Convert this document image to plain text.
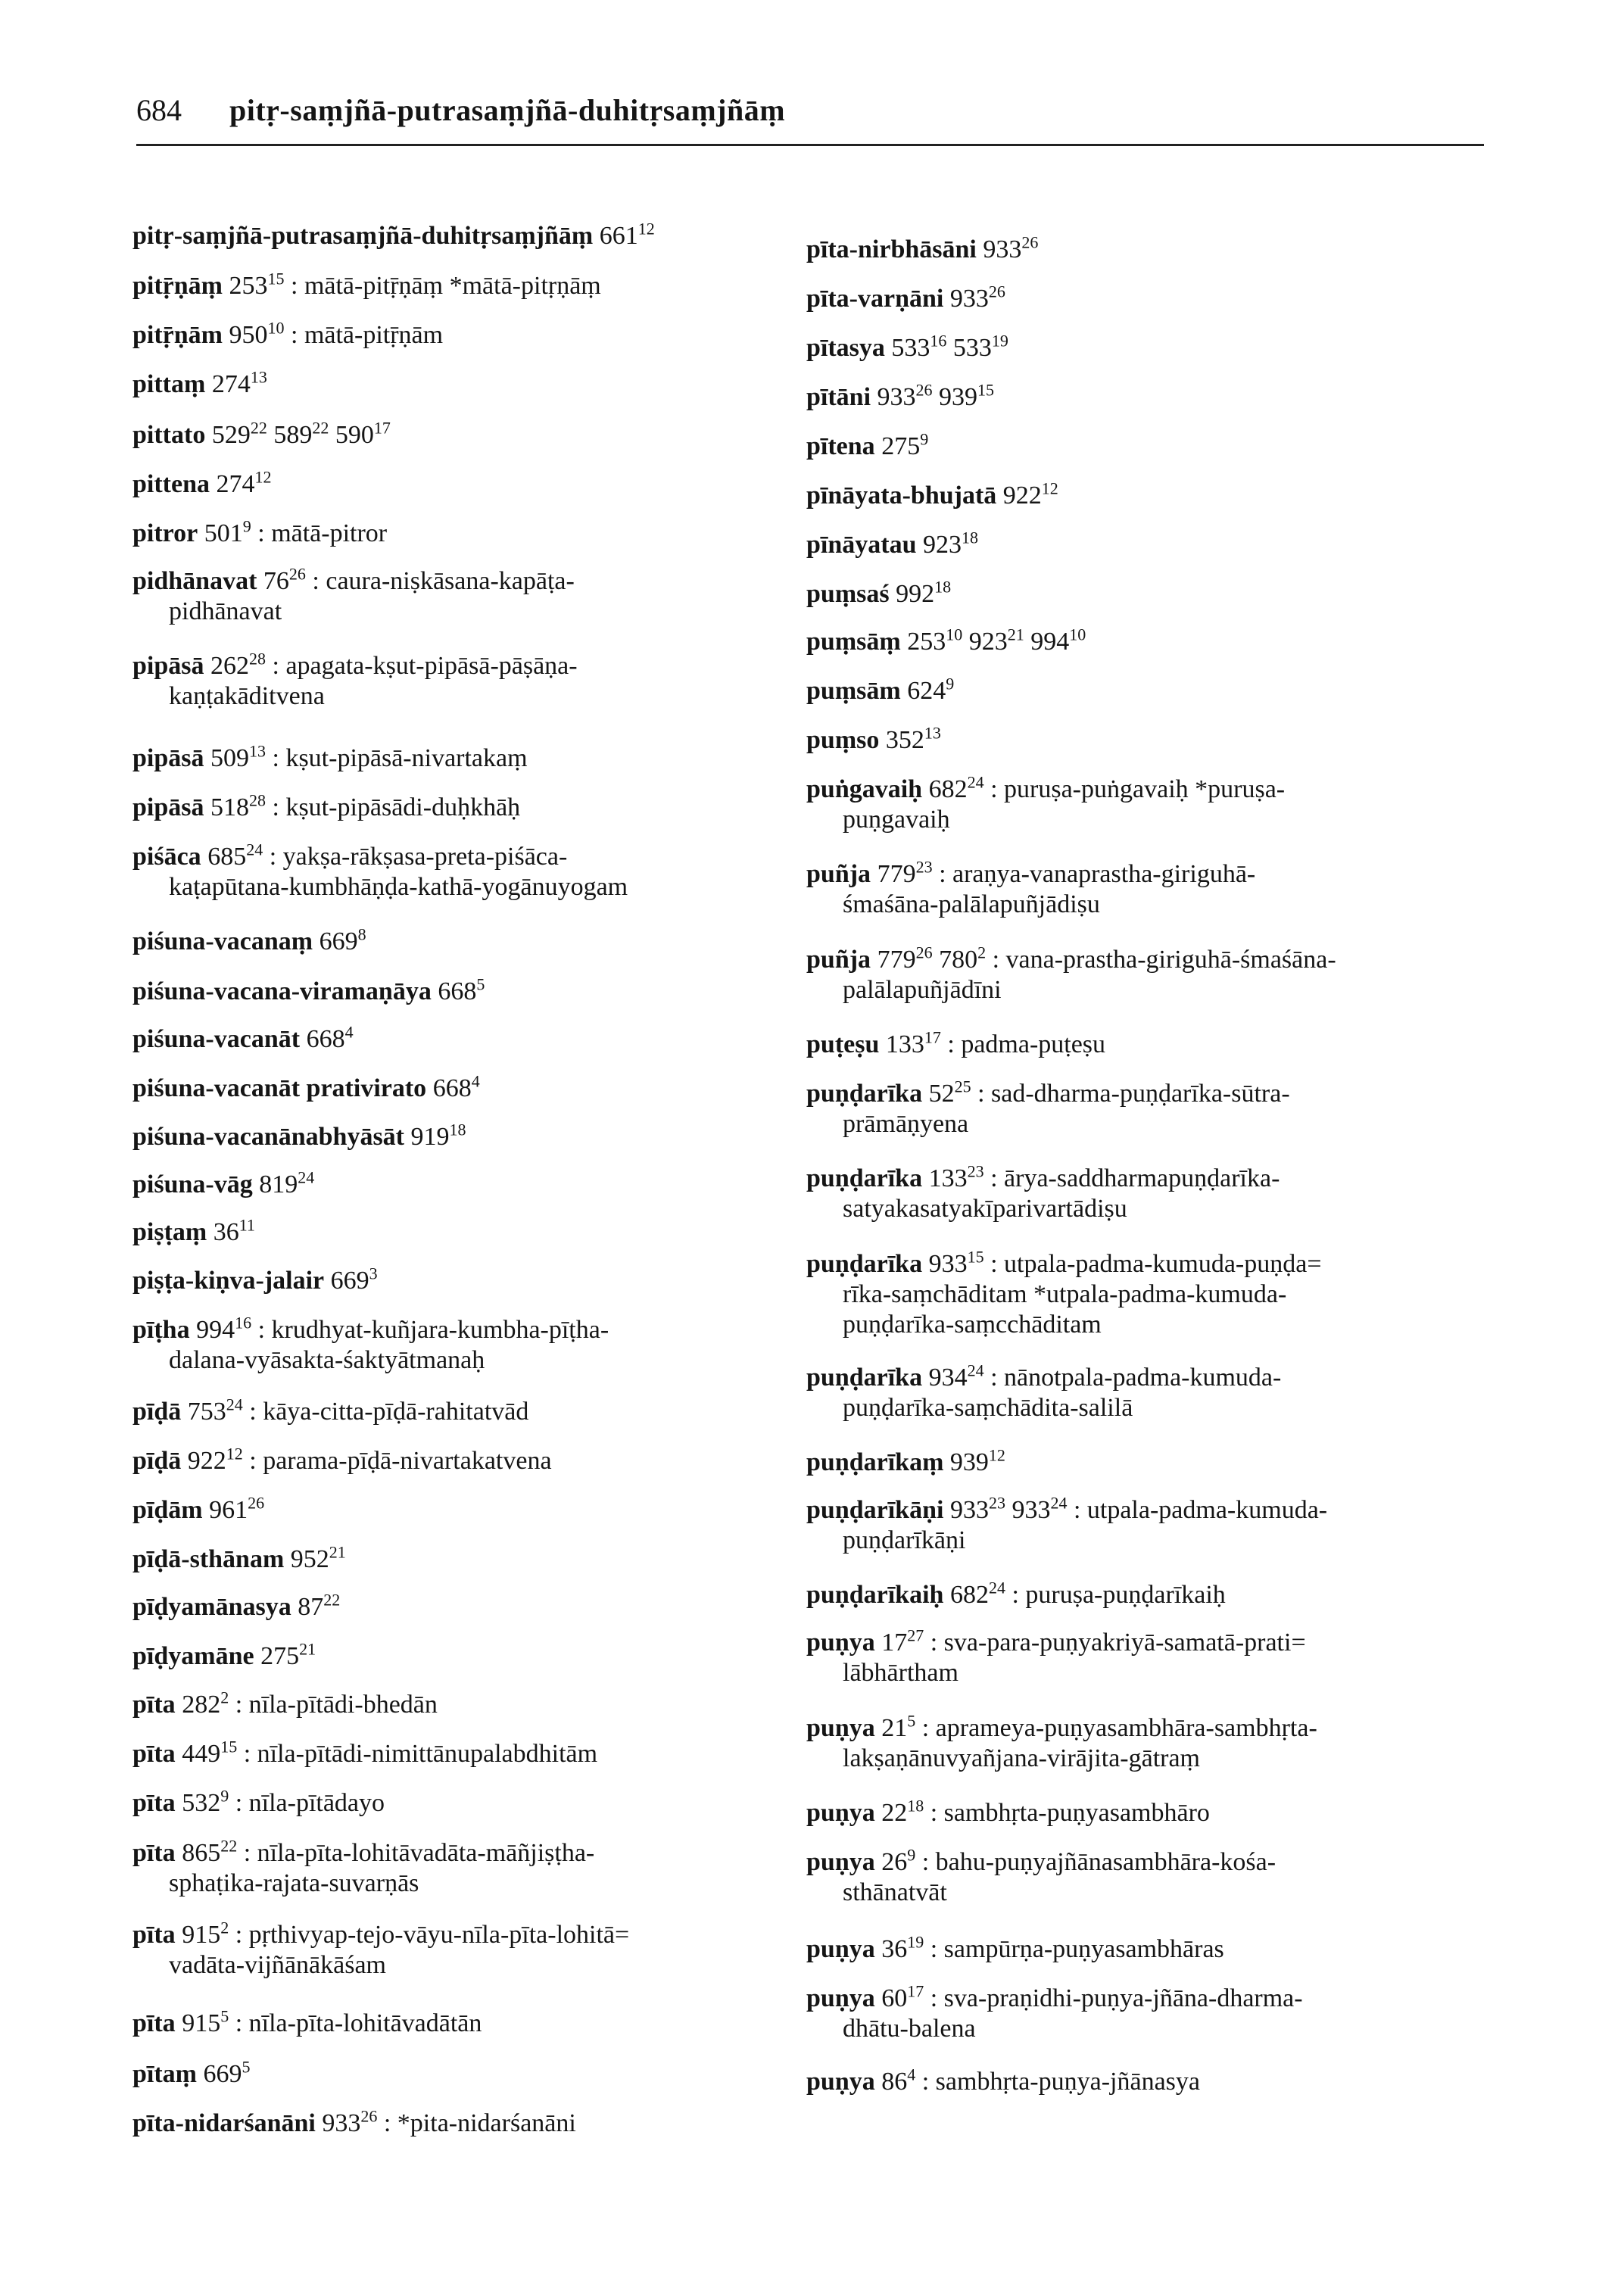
684 pitṛ-saṃjñā-putrasaṃjñā-duhitṛsaṃjñāṃ
pitṛ-saṃjñā-putrasaṃjñā-duhitṛsaṃjñāṃ $661^{12}$
pitṝṇāṃ $253^{15}$ : mātā-pitṝṇāṃ *mātā-pitṛṇāṃ
pitṝṇām $950^{10}$ : mātā-pitṝṇām
pittaṃ $274^{13}$
pittato $529^{22}$ $589^{22}$ $590^{17}$
pittena $274^{12}$
pitror $501^9$ : mātā-pitror
pidhānavat $76^{26}$ : caura-niṣkāsana-kapāṭa-
pidhānavat
pipāsā $262^{28}$ : apagata-kṣut-pipāsā-pāṣāṇa-
kaṇṭakāditvena
pipāsā $509^{13}$ : kṣut-pipāsā-nivartakaṃ
pipāsā $518^{28}$ : kṣut-pipāsādi-duḥkhāḥ
piśāca $685^{24}$ : yakṣa-rākṣasa-preta-piśāca-
kaṭapūtana-kumbhāṇḍa-kathā-yogānuyogam
piśuna-vacanaṃ $669^8$
piśuna-vacana-viramaṇāya $668^5$
piśuna-vacanāt $668^4$
piśuna-vacanāt prativirato $668^4$
piśuna-vacanānabhyāsāt $919^{18}$
piśuna-vāg $819^{24}$
piṣṭaṃ $36^{11}$
piṣṭa-kiṇva-jalair $669^3$
pīṭha $994^{16}$ : krudhyat-kuñjara-kumbha-pīṭha-
dalana-vyāsakta-śaktyātmanaḥ
pīḍā $753^{24}$ : kāya-citta-pīḍā-rahitatvād
pīḍā $922^{12}$ : parama-pīḍā-nivartakatvena
pīḍām $961^{26}$
pīḍā-sthānam $952^{21}$
pīḍyamānasya $87^{22}$
pīḍyamāne $275^{21}$
pīta $282^2$ : nīla-pītādi-bhedān
pīta $449^{15}$ : nīla-pītādi-nimittānupalabdhitām
pīta $532^9$ : nīla-pītādayo
pīta $865^{22}$ : nīla-pīta-lohitāvadāta-māñjiṣṭha-
sphaṭika-rajata-suvarṇās
pīta $915^2$ : pṛthivyap-tejo-vāyu-nīla-pīta-lohitā=
vadāta-vijñānākāśam
pīta $915^5$ : nīla-pīta-lohitāvadātān
pītaṃ $669^5$
pīta-nidarśanāni $933^{26}$ : *pita-nidarśanāni
pīta-nirbhāsāni $933^{26}$
pīta-varṇāni $933^{26}$
pītasya $533^{16}$ $533^{19}$
pītāni $933^{26}$ $939^{15}$
pītena $275^9$
pīnāyata-bhujatā $922^{12}$
pīnāyatau $923^{18}$
puṃsaś $992^{18}$
puṃsāṃ $253^{10}$ $923^{21}$ $994^{10}$
puṃsām $624^9$
puṃso $352^{13}$
puṅgavaiḥ $682^{24}$ : puruṣa-puṅgavaiḥ *puruṣa-
puṇgavaiḥ
puñja $779^{23}$ : araṇya-vanaprastha-giriguhā-
śmaśāna-palālapuñjādiṣu
puñja $779^{26}$ $780^2$ : vana-prastha-giriguhā-śmaśāna-
palālapuñjādīni
puṭeṣu $133^{17}$ : padma-puṭeṣu
puṇḍarīka $52^{25}$ : sad-dharma-puṇḍarīka-sūtra-
prāmāṇyena
puṇḍarīka $133^{23}$ : ārya-saddharmapuṇḍarīka-
satyakasatyakīparivartādiṣu
puṇḍarīka $933^{15}$ : utpala-padma-kumuda-puṇḍa=
rīka-saṃchāditam *utpala-padma-kumuda-
puṇḍarīka-saṃcchāditam
puṇḍarīka $934^{24}$ : nānotpala-padma-kumuda-
puṇḍarīka-saṃchādita-salilā
puṇḍarīkaṃ $939^{12}$
puṇḍarīkāṇi $933^{23}$ $933^{24}$ : utpala-padma-kumuda-
puṇḍarīkāṇi
puṇḍarīkaiḥ $682^{24}$ : puruṣa-puṇḍarīkaiḥ
puṇya $17^{27}$ : sva-para-puṇyakriyā-samatā-prati=
lābhārtham
puṇya $21^5$ : aprameya-puṇyasambhāra-sambhṛta-
lakṣaṇānuvyañjana-virājita-gātraṃ
puṇya $22^{18}$ : sambhṛta-puṇyasambhāro
puṇya $26^9$ : bahu-puṇyajñānasambhāra-kośa-
sthānatvāt
puṇya $36^{19}$ : sampūrṇa-puṇyasambhāras
puṇya $60^{17}$ : sva-praṇidhi-puṇya-jñāna-dharma-
dhātu-balena
puṇya $86^4$ : sambhṛta-puṇya-jñānasya
